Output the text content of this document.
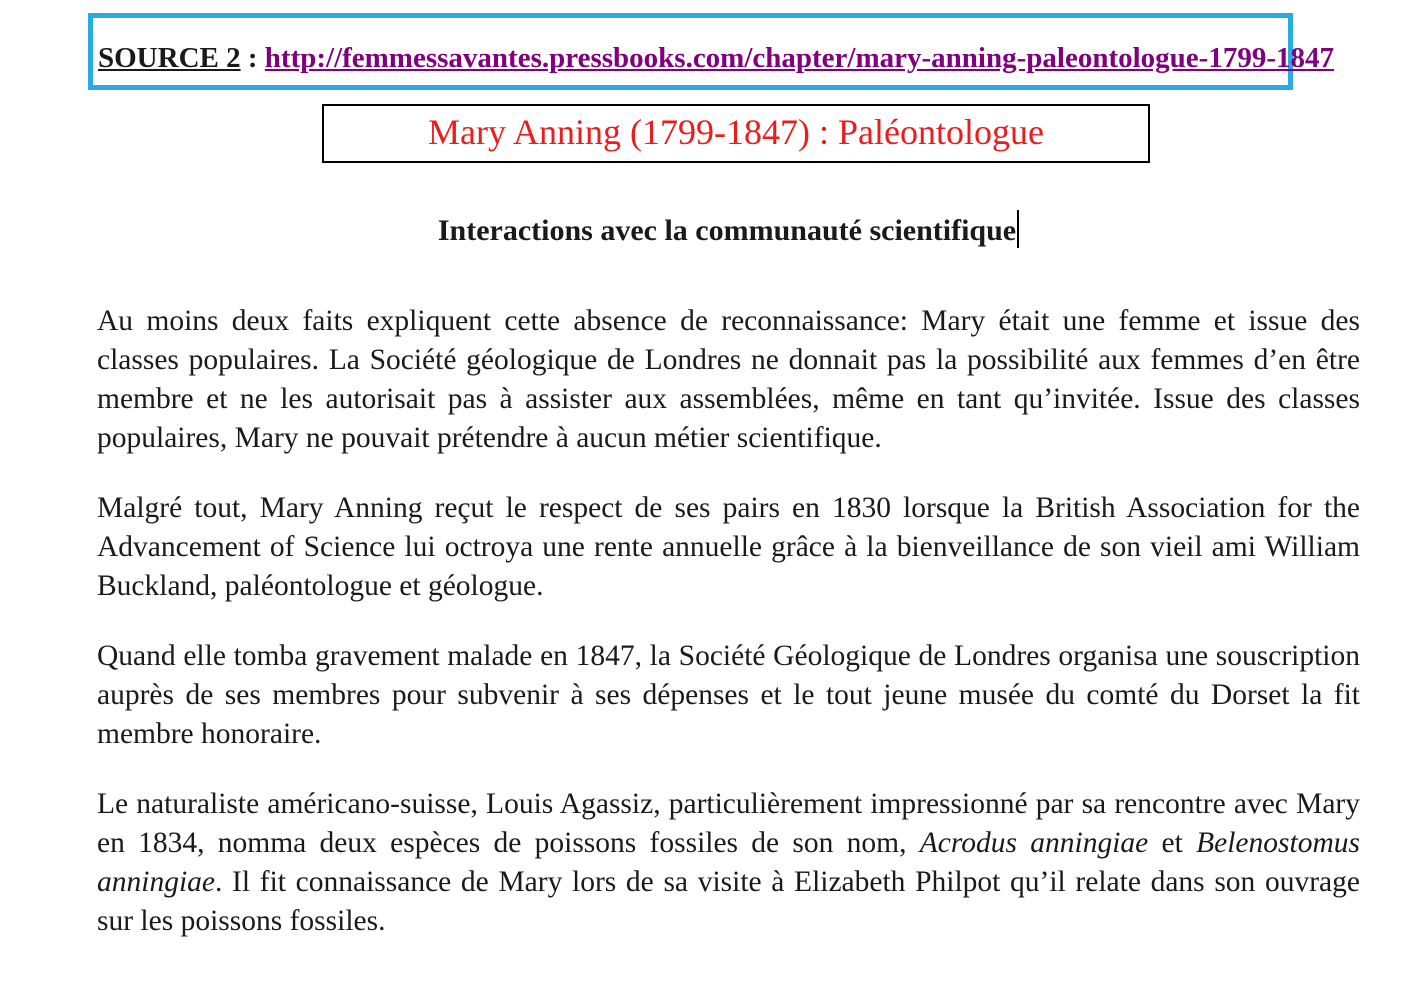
SOURCE 2 : http://femmessavantes.pressbooks.com/chapter/mary-anning-paleontologue-1799-1847
Mary Anning (1799-1847) : Paléontologue
Interactions avec la communauté scientifique

Au moins deux faits expliquent cette absence de reconnaissance: Mary était une femme et issue des classes populaires. La Société géologique de Londres ne donnait pas la possibilité aux femmes d’en être membre et ne les autorisait pas à assister aux assemblées, même en tant qu’invitée. Issue des classes populaires, Mary ne pouvait prétendre à aucun métier scientifique.

Malgré tout, Mary Anning reçut le respect de ses pairs en 1830 lorsque la British Association for the Advancement of Science lui octroya une rente annuelle grâce à la bienveillance de son vieil ami William Buckland, paléontologue et géologue.

Quand elle tomba gravement malade en 1847, la Société Géologique de Londres organisa une souscription auprès de ses membres pour subvenir à ses dépenses et le tout jeune musée du comté du Dorset la fit membre honoraire.

Le naturaliste américano-suisse, Louis Agassiz, particulièrement impressionné par sa rencontre avec Mary en 1834, nomma deux espèces de poissons fossiles de son nom, Acrodus anningiae et Belenostomus anningiae. Il fit connaissance de Mary lors de sa visite à Elizabeth Philpot qu’il relate dans son ouvrage sur les poissons fossiles.
